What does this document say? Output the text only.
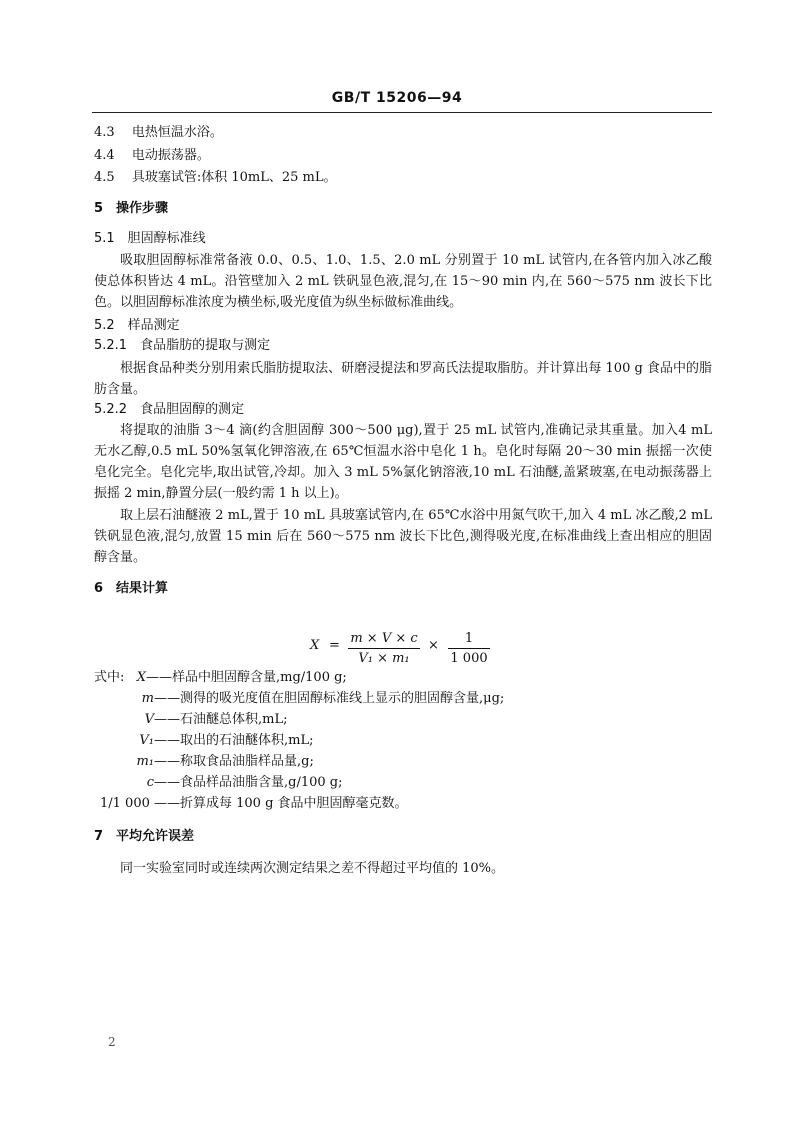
GB/T 15206—94
4.3　 电热恒温水浴。
4.4　 电动振荡器。
4.5　 具玻塞试管:体积 10mL、25 mL。
5　操作步骤
5.1　胆固醇标准线
吸取胆固醇标准常备液 0.0、0.5、1.0、1.5、2.0 mL 分别置于 10 mL 试管内,在各管内加入冰乙酸使总体积皆达 4 mL。沿管壁加入 2 mL 铁矾显色液,混匀,在 15～90 min 内,在 560～575 nm 波长下比色。以胆固醇标准浓度为横坐标,吸光度值为纵坐标做标准曲线。
5.2　样品测定
5.2.1　食品脂肪的提取与测定
根据食品种类分别用索氏脂肪提取法、研磨浸提法和罗高氏法提取脂肪。并计算出每 100 g 食品中的脂肪含量。
5.2.2　食品胆固醇的测定
将提取的油脂 3～4 滴(约含胆固醇 300～500 μg),置于 25 mL 试管内,准确记录其重量。加入4 mL 无水乙醇,0.5 mL 50%氢氧化钾溶液,在 65℃恒温水浴中皂化 1 h。皂化时每隔 20～30 min 振摇一次使皂化完全。皂化完毕,取出试管,冷却。加入 3 mL 5%氯化钠溶液,10 mL 石油醚,盖紧玻塞,在电动振荡器上振摇 2 min,静置分层(一般约需 1 h 以上)。
取上层石油醚液 2 mL,置于 10 mL 具玻塞试管内,在 65℃水浴中用氮气吹干,加入 4 mL 冰乙酸,2 mL铁矾显色液,混匀,放置 15 min 后在 560～575 nm 波长下比色,测得吸光度,在标准曲线上查出相应的胆固醇含量。
6　结果计算
X = m × V × c
V₁ × m₁
×	1
1 000
式中: X——样品中胆固醇含量,mg/100 g;
m——测得的吸光度值在胆固醇标准线上显示的胆固醇含量,μg;
V——石油醚总体积,mL;
V₁——取出的石油醚体积,mL;
m₁——称取食品油脂样品量,g;
c——食品样品油脂含量,g/100 g;
1/1 000 ——折算成每 100 g 食品中胆固醇毫克数。
7　平均允许误差
同一实验室同时或连续两次测定结果之差不得超过平均值的 10%。
2
